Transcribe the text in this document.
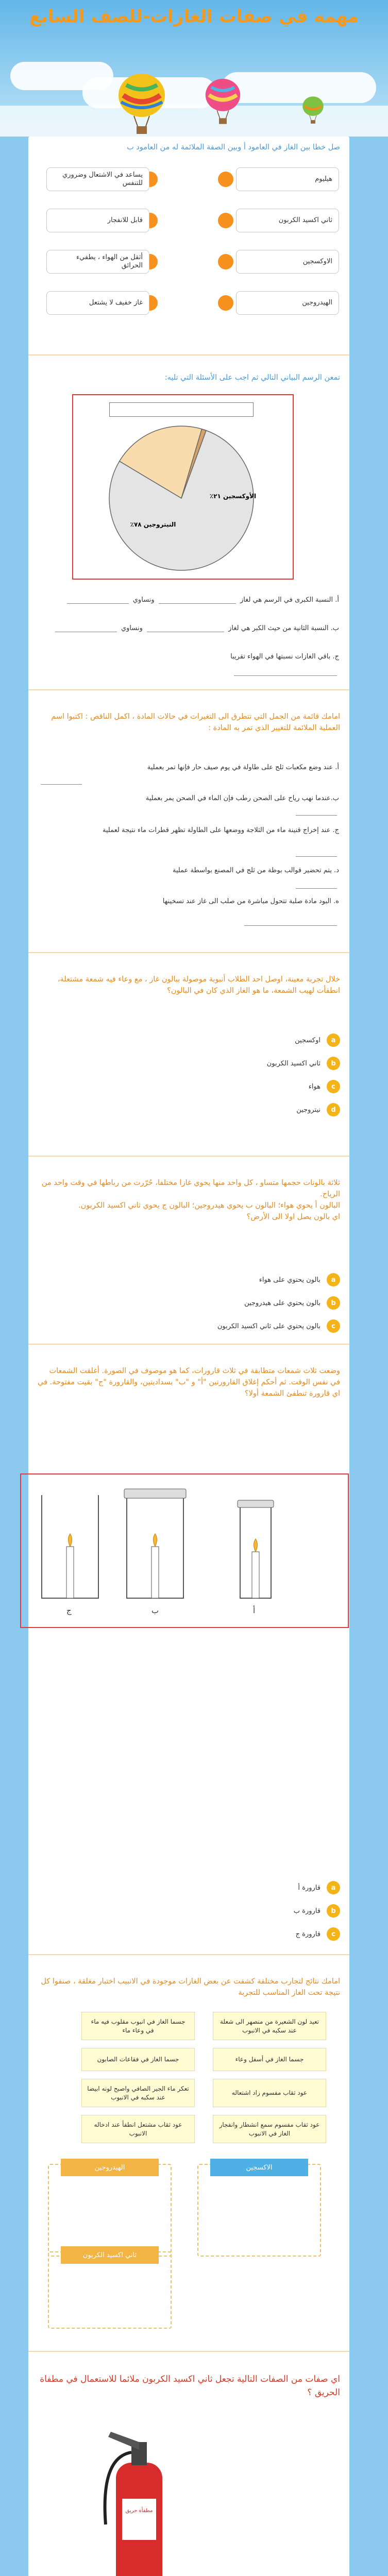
مهمه في صفات الغازات-للصف السابع
صل خطا بين الغاز في العامود أ وبين الصفة الملائمة له من العامود ب
هيليوم
ثاني اكسيد الكربون
الاوكسجين
الهيدروجين
يساعد في الاشتعال وضروري للتنفس
قابل للانفجار
أثقل من الهواء ، يطفيء الحرائق
غاز خفيف لا يشتعل
تمعن الرسم البياني التالي ثم اجب على الأسئلة التي تليه:
النيتروجين ٧٨٪
الأوكسجين ٢١٪
أ. النسبة الكبرى في الرسم هي لغاز  ونساوي
ب. النسبة الثانية من حيث الكبر هي لغاز  ونساوي
ج. باقي الغازات نسبتها في الهواء تقريبا
امامك قائمة من الجمل التي تتطرق الى التغيرات في حالات المادة ، اكمل الناقص : اكتبوا اسم العملية الملائمة للتغيير الذي تمر به المادة :
أ. عند وضع مكعبات ثلج على طاولة في يوم صيف حار فإنها تمر بعملية
ب.عندما نهب رياح على الصحن رطب فإن الماء في الصحن يمر بعملية
ج. عند إخراج قنينة ماء من الثلاجة ووضعها على الطاولة تظهر قطرات ماء نتيجة لعملية
د. يتم تحضير قوالب بوظة من ثلج في المصنع بواسطة عملية
ه. البود مادة صلبة تتحول مباشرة من صلب الى غاز عند تسخينها
خلال تجربة معينة، اوصل احد الطلاب أنبوبة موصولة ببالون غاز ، مع وعاء فيه شمعة مشتعلة، انطفأت لهيب الشمعة، ما هو الغاز الذي كان في البالون؟
a
اوكسجين
b
ثاني اكسيد الكربون
c
هواء
d
نيتروجين
ثلاثة بالونات حجمها متساو ، كل واحد منها يحوي غازا مختلفا، حُرّرت من رباطها في وقت واحد من الرياح.
البالون أ يحوي هواء؛ البالون ب يحوي هيدروجين؛ البالون ج يحوي ثاني اكسيد الكربون.
اي بالون يصل اولا الى الأرض؟
a
بالون يحتوي على هواء
b
بالون يحتوي على هيدروجين
c
بالون يحتوي على ثاني اكسيد الكربون
وضعت ثلاث شمعات متطابقة في ثلاث قارورات، كما هو موصوف في الصورة. أغلقت الشمعات في نفس الوقت. ثم أحكم إغلاق القارورتين "أ" و "ب" بسداديتين، والقارورة "ج" بقيت مفتوحة. في اي قارورة تنطفئ الشمعة أولا؟
ج	ب	أ
a
قارورة أ
b
قارورة ب
c
قارورة ج
امامك نتائج لتجارب مختلفة كشفت عن بعض الغازات موجودة في الانبيب اختبار مغلقة ، صنفوا كل نتيجة تحت الغاز المناسب للتجربة
تعيد لون الشعيرة من منصهر الى شعلة عند سكبه في الانبوب
جسما الغاز في انبوب مقلوب فيه ماء في وعاء ماء
جسما الغاز في أسفل وعاء
جسما الغاز في فقاعات الصابون
عود ثقاب مفسوم زاد اشتعاله
تعكر ماء الجير الصافي واصبح لونه ابيضا عند سكبه في الانبوب
عود ثقاب مفسوم سمع انشطار وانفجار الغاز في الانبوب
عود ثقاب مشتعل انطفأ عند ادخاله الانبوب
الاكسجين
الهيدروجين
ثاني اكسيد الكربون
اي صفات من الصفات التالية تجعل ثاني اكسيد الكربون ملائما للاستعمال في مطفاة الحريق ؟
مطفأة حريق
